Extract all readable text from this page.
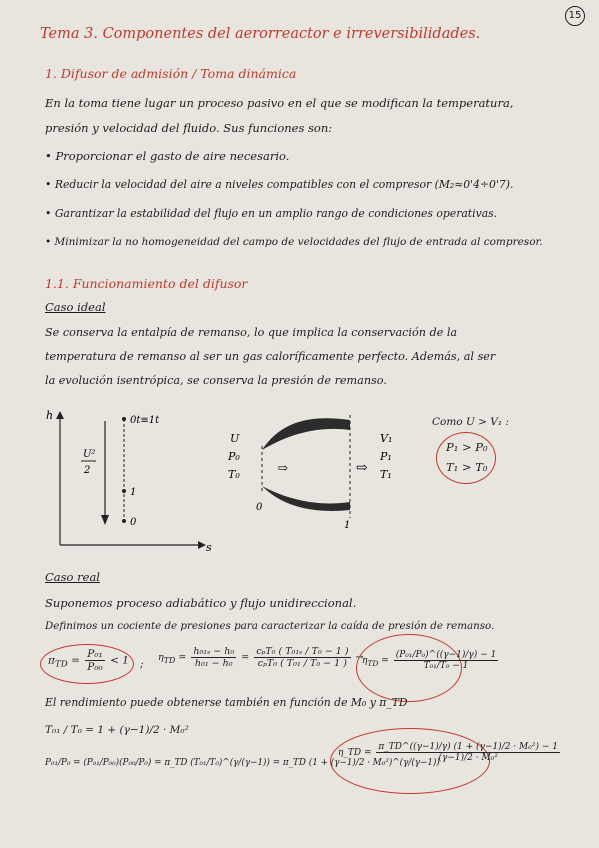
15
Tema 3. Componentes del aerorreactor e irreversibilidades.
1. Difusor de admisión / Toma dinámica
En la toma tiene lugar un proceso pasivo en el que se modifican la temperatura,
presión y velocidad del fluido. Sus funciones son:
• Proporcionar el gasto de aire necesario.
• Reducir la velocidad del aire a niveles compatibles con el compresor (M₂≈0'4÷0'7).
• Garantizar la estabilidad del flujo en un amplio rango de condiciones operativas.
• Minimizar la no homogeneidad del campo de velocidades del flujo de entrada al compresor.
1.1. Funcionamiento del difusor
Caso ideal
Se conserva la entalpía de remanso, lo que implica la conservación de la
temperatura de remanso al ser un gas caloríficamente perfecto. Además, al ser
la evolución isentrópica, se conserva la presión de remanso.
h
s
U²
2
0t≡1t
1
0
U
P₀
T₀	⇨	⇨
0
1
V₁
P₁
T₁
Como U > V₁ :
P₁ > P₀
T₁ > T₀
Caso real
Suponemos proceso adiabático y flujo unidireccional.
Definimos un cociente de presiones para caracterizar la caída de presión de remanso.
$\pi_{TD} = \frac{\text{P₀₁}}{\text{P₀₀}} < 1$ ;
$\eta_{TD} = \frac{\text{h₀₁ₛ − h₀}}{\text{h₀₁ − h₀}} = \frac{\text{cₚT₀ ( T₀₁ₛ / T₀ − 1 )}}{\text{cₚT₀ ( T₀₁ / T₀ − 1 )}}$ →
$\eta_{TD} = \frac{\text{(P₀₁/P₀)\textasciicircum{}((γ−1)/γ) − 1}}{\text{T₀₁/T₀ − 1}}$
El rendimiento puede obtenerse también en función de M₀ y π_TD
T₀₁ / T₀ = 1 + (γ−1)/2 · M₀²
P₀₁/P₀ = (P₀₁/P₀₀)(P₀₀/P₀) = π_TD (T₀₁/T₀)^(γ/(γ−1)) = π_TD (1 + (γ−1)/2 · M₀²)^(γ/(γ−1))
η_TD = $\frac{\text{π\_TD\textasciicircum{}((γ−1)/γ) (1 + (γ−1)/2 · M₀²) − 1}}{\text{(γ−1)/2 · M₀²}}$
